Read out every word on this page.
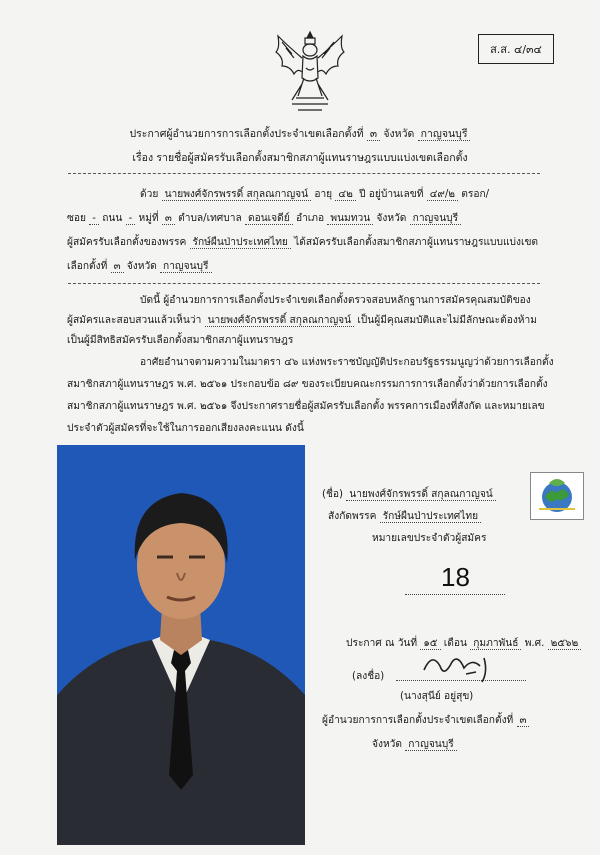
ส.ส. ๔/๓๔
ประกาศผู้อำนวยการการเลือกตั้งประจำเขตเลือกตั้งที่ ๓ จังหวัด กาญจนบุรี
เรื่อง รายชื่อผู้สมัครรับเลือกตั้งสมาชิกสภาผู้แทนราษฎรแบบแบ่งเขตเลือกตั้ง
ด้วย นายพงศ์จักรพรรดิ์ สกุลณกาญจน์ อายุ ๔๒ ปี อยู่บ้านเลขที่ ๔๙/๒ ตรอก/
ซอย - ถนน - หมู่ที่ ๓ ตำบล/เทศบาล ดอนเจดีย์ อำเภอ พนมทวน จังหวัด กาญจนบุรี
ผู้สมัครรับเลือกตั้งของพรรค รักษ์ผืนป่าประเทศไทย ได้สมัครรับเลือกตั้งสมาชิกสภาผู้แทนราษฎรแบบแบ่งเขต
เลือกตั้งที่ ๓ จังหวัด กาญจนบุรี
บัดนี้ ผู้อำนวยการการเลือกตั้งประจำเขตเลือกตั้งตรวจสอบหลักฐานการสมัครคุณสมบัติของ
ผู้สมัครและสอบสวนแล้วเห็นว่า นายพงศ์จักรพรรดิ์ สกุลณกาญจน์ เป็นผู้มีคุณสมบัติและไม่มีลักษณะต้องห้าม
เป็นผู้มีสิทธิสมัครรับเลือกตั้งสมาชิกสภาผู้แทนราษฎร
อาศัยอำนาจตามความในมาตรา ๔๖ แห่งพระราชบัญญัติประกอบรัฐธรรมนูญว่าด้วยการเลือกตั้ง
สมาชิกสภาผู้แทนราษฎร พ.ศ. ๒๕๖๑ ประกอบข้อ ๘๙ ของระเบียบคณะกรรมการการเลือกตั้งว่าด้วยการเลือกตั้ง
สมาชิกสภาผู้แทนราษฎร พ.ศ. ๒๕๖๑ จึงประกาศรายชื่อผู้สมัครรับเลือกตั้ง พรรคการเมืองที่สังกัด และหมายเลข
(ชื่อ) นายพงศ์จักรพรรดิ์ สกุลณกาญจน์
สังกัดพรรค รักษ์ผืนป่าประเทศไทย
หมายเลขประจำตัวผู้สมัคร
18
ประกาศ ณ วันที่ ๑๕ เดือน กุมภาพันธ์ พ.ศ. ๒๕๖๒
(ลงชื่อ)
(นางสุนีย์ อยู่สุข)
ผู้อำนวยการการเลือกตั้งประจำเขตเลือกตั้งที่ ๓
จังหวัด กาญจนบุรี
ประจำตัวผู้สมัครที่จะใช้ในการออกเสียงลงคะแนน ดังนี้
